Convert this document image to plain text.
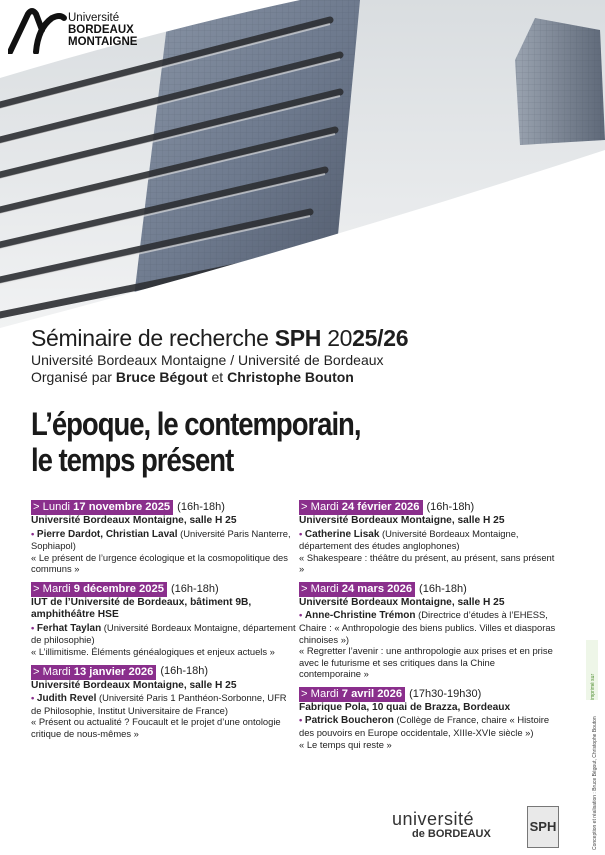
Université
BORDEAUX
MONTAIGNE
Séminaire de recherche SPH 2025/26
Université Bordeaux Montaigne / Université de Bordeaux
Organisé par Bruce Bégout et Christophe Bouton
L’époque, le contemporain,
le temps présent
> Lundi 17 novembre 2025 (16h-18h)
Université Bordeaux Montaigne, salle H 25
• Pierre Dardot, Christian Laval (Université Paris Nanterre, Sophiapol)
« Le présent de l’urgence écologique et la cosmopolitique des communs »
> Mardi 9 décembre 2025 (16h-18h)
IUT de l’Université de Bordeaux, bâtiment 9B, amphithéâtre HSE
• Ferhat Taylan (Université Bordeaux Montaigne, département de philosophie)
« L’illimitisme. Éléments généalogiques et enjeux actuels »
> Mardi 13 janvier 2026 (16h-18h)
Université Bordeaux Montaigne, salle H 25
• Judith Revel (Université Paris 1 Panthéon-Sorbonne, UFR de Philosophie, Institut Universitaire de France)
« Présent ou actualité ? Foucault et le projet d’une ontologie critique de nous-mêmes »
> Mardi 24 février 2026 (16h-18h)
Université Bordeaux Montaigne, salle H 25
• Catherine Lisak (Université Bordeaux Montaigne, département des études anglophones)
« Shakespeare : théâtre du présent, au présent, sans présent »
> Mardi 24 mars 2026 (16h-18h)
Université Bordeaux Montaigne, salle H 25
• Anne-Christine Trémon (Directrice d’études à l’EHESS, Chaire : « Anthropologie des biens publics. Villes et diasporas chinoises »)
« Regretter l’avenir : une anthropologie aux prises et en prise avec le futurisme et ses critiques dans la Chine contemporaine »
> Mardi 7 avril 2026 (17h30-19h30)
Fabrique Pola, 10 quai de Brazza, Bordeaux
• Patrick Boucheron (Collège de France, chaire « Histoire des pouvoirs en Europe occidentale, XIIIe-XVIe siècle »)
« Le temps qui reste »
imprimé sur
Conception et réalisation : Bruce Bégout, Christophe Bouton
université
de BORDEAUX	SPH
